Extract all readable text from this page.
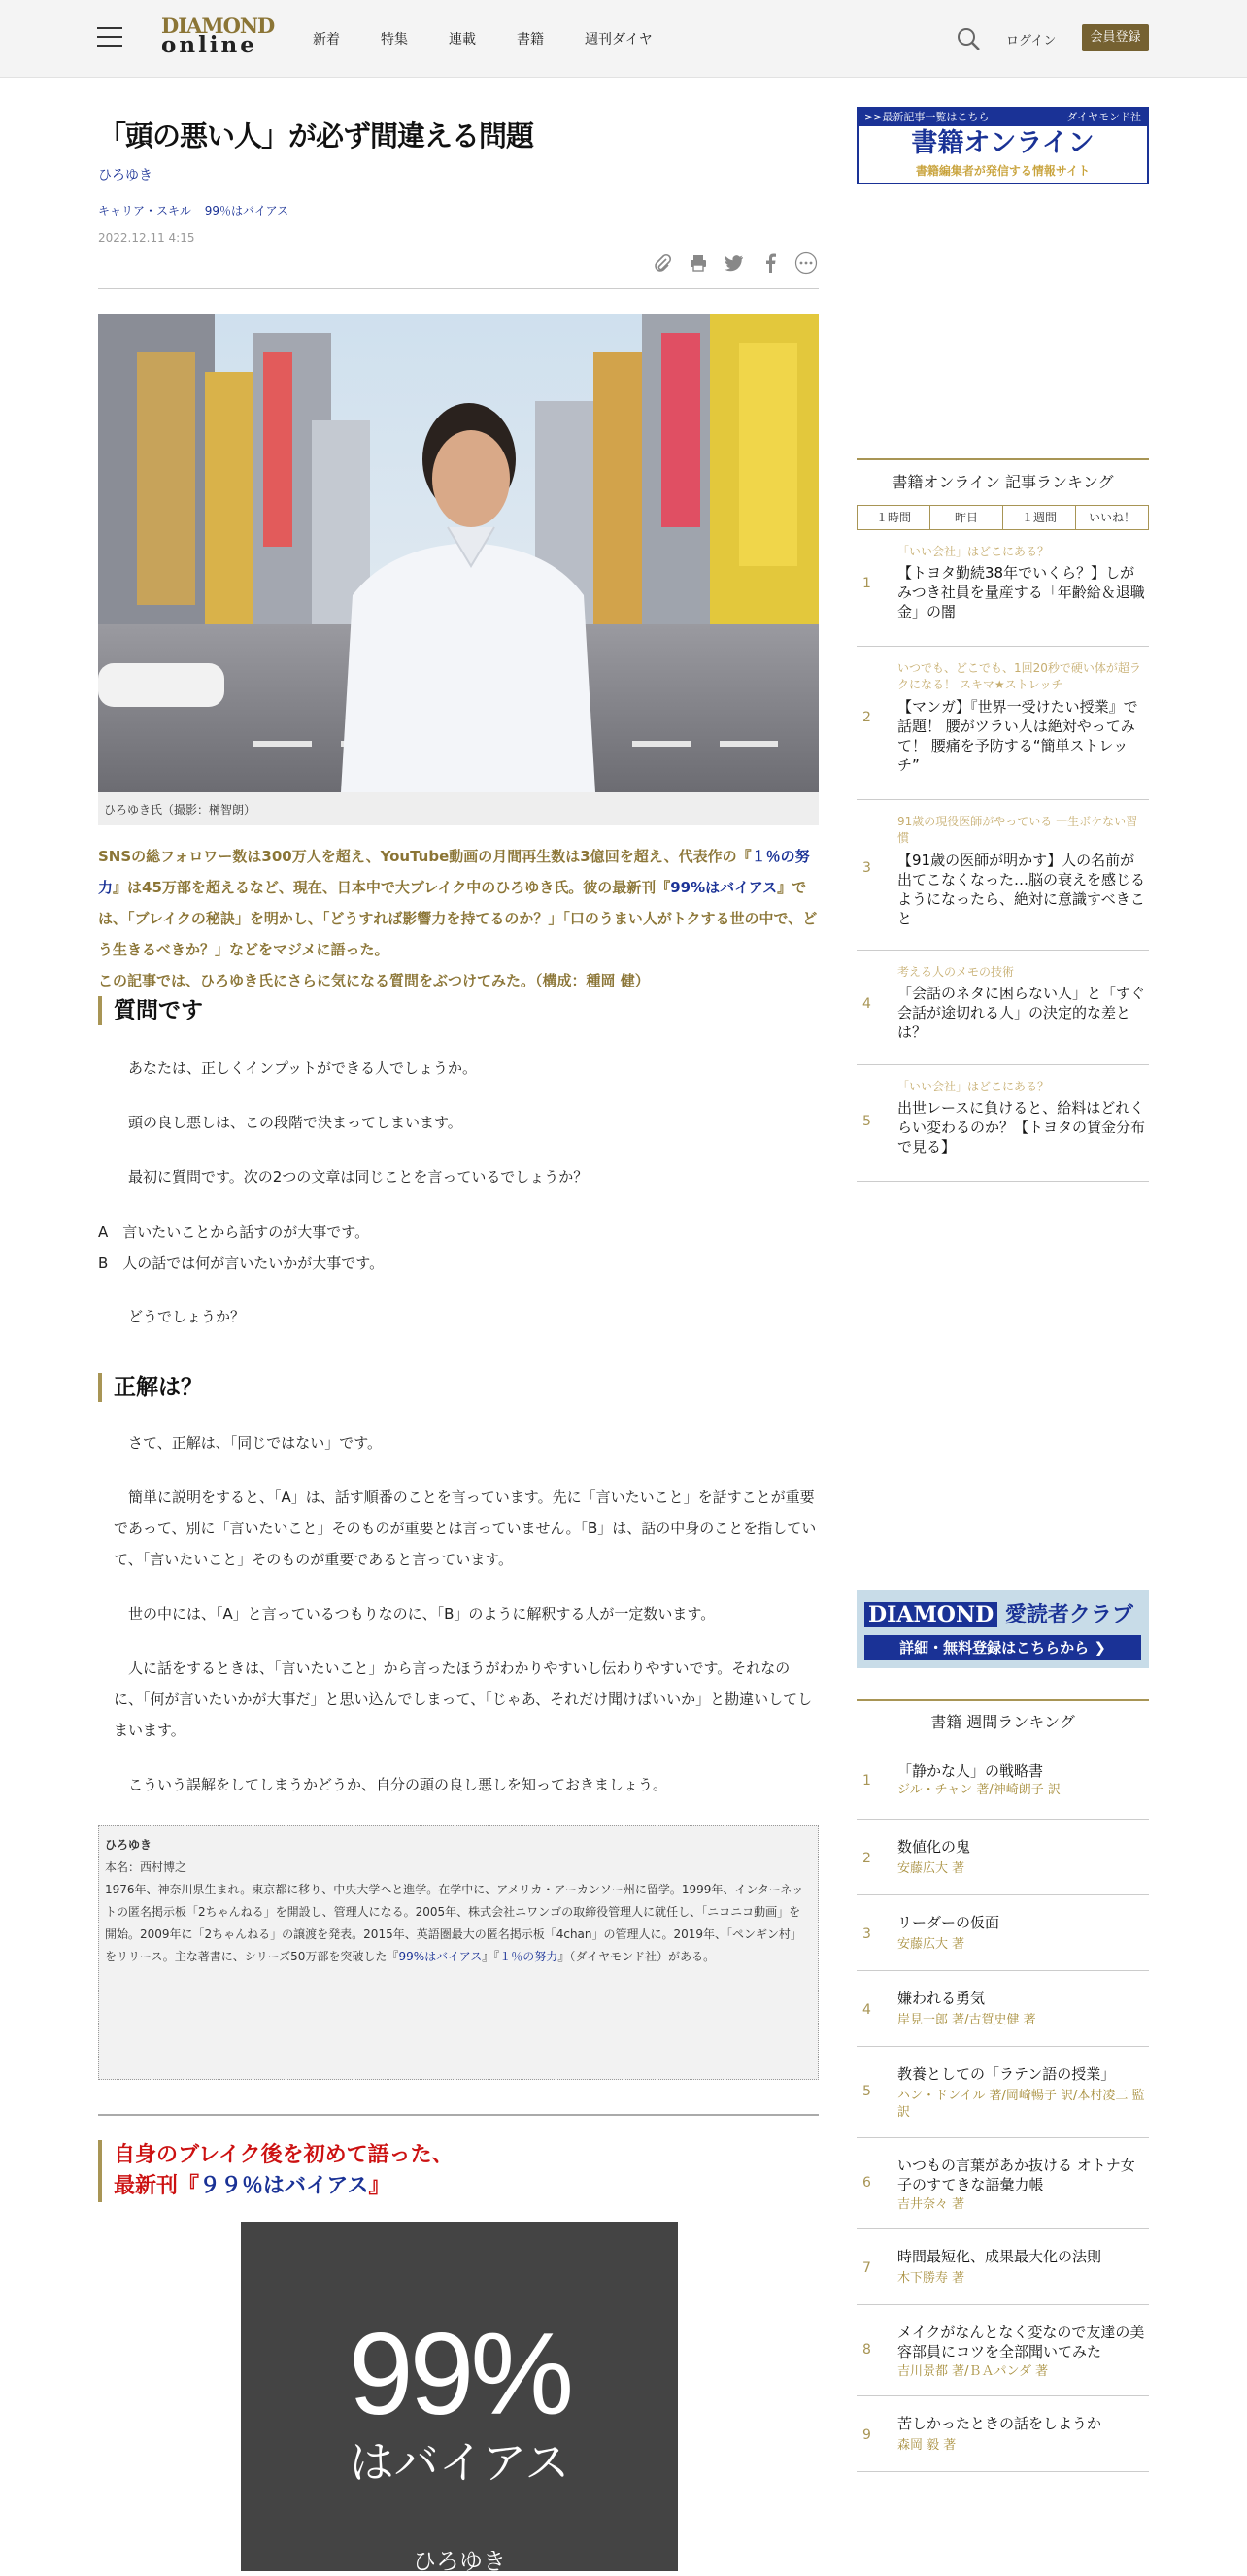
DIAMOND
online	新着	特集	連載	書籍	週刊ダイヤ	ログイン	会員登録
「頭の悪い人」が必ず間違える問題
ひろゆき
キャリア・スキル 99％はバイアス
2022.12.11 4:15
ひろゆき氏（撮影：榊智朗）
SNSの総フォロワー数は300万人を超え、YouTube動画の月間再生数は3億回を超え、代表作の『１％の努力』は45万部を超えるなど、現在、日本中で大ブレイク中のひろゆき氏。彼の最新刊『99%はバイアス』では、「ブレイクの秘訣」を明かし、「どうすれば影響力を持てるのか？」「口のうまい人がトクする世の中で、どう生きるべきか？」などをマジメに語った。
この記事では、ひろゆき氏にさらに気になる質問をぶつけてみた。（構成：種岡 健）
質問です
あなたは、正しくインプットができる人でしょうか。
頭の良し悪しは、この段階で決まってしまいます。
最初に質問です。次の2つの文章は同じことを言っているでしょうか？
A　言いたいことから話すのが大事です。
B　人の話では何が言いたいかが大事です。
どうでしょうか？
正解は？
さて、正解は、「同じではない」です。
簡単に説明をすると、「A」は、話す順番のことを言っています。先に「言いたいこと」を話すことが重要であって、別に「言いたいこと」そのものが重要とは言っていません。「B」は、話の中身のことを指していて、「言いたいこと」そのものが重要であると言っています。
世の中には、「A」と言っているつもりなのに、「B」のように解釈する人が一定数います。
人に話をするときは、「言いたいこと」から言ったほうがわかりやすいし伝わりやすいです。それなのに、「何が言いたいかが大事だ」と思い込んでしまって、「じゃあ、それだけ聞けばいいか」と勘違いしてしまいます。
こういう誤解をしてしまうかどうか、自分の頭の良し悪しを知っておきましょう。
ひろゆき
本名：西村博之
1976年、神奈川県生まれ。東京都に移り、中央大学へと進学。在学中に、アメリカ・アーカンソー州に留学。1999年、インターネットの匿名掲示板「2ちゃんねる」を開設し、管理人になる。2005年、株式会社ニワンゴの取締役管理人に就任し、「ニコニコ動画」を開始。2009年に「2ちゃんねる」の譲渡を発表。2015年、英語圏最大の匿名掲示板「4chan」の管理人に。2019年、「ペンギン村」をリリース。主な著書に、シリーズ50万部を突破した『99%はバイアス』『１％の努力』（ダイヤモンド社）がある。
自身のブレイク後を初めて語った、
最新刊『９９％はバイアス』
99%
はバイアス
ひろゆき
>>最新記事一覧はこちら	ダイヤモンド社
書籍オンライン
書籍編集者が発信する情報サイト
書籍オンライン 記事ランキング
１時間	昨日	１週間	いいね！
1
「いい会社」はどこにある？
【トヨタ勤続38年でいくら？】しがみつき社員を量産する「年齢給＆退職金」の闇
2
いつでも、どこでも、1回20秒で硬い体が超ラクになる！ スキマ★ストレッチ
【マンガ】『世界一受けたい授業』で話題！ 腰がツラい人は絶対やってみて！ 腰痛を予防する“簡単ストレッチ”
3
91歳の現役医師がやっている 一生ボケない習慣
【91歳の医師が明かす】人の名前が出てこなくなった…脳の衰えを感じるようになったら、絶対に意識すべきこと
4
考える人のメモの技術
「会話のネタに困らない人」と「すぐ会話が途切れる人」の決定的な差とは？
5
「いい会社」はどこにある？
出世レースに負けると、給料はどれくらい変わるのか？【トヨタの賃金分布で見る】
DIAMOND 愛読者クラブ
詳細・無料登録はこちらから ❯
書籍 週間ランキング
1
「静かな人」の戦略書
ジル・チャン 著/神崎朗子 訳
2
数値化の鬼
安藤広大 著
3
リーダーの仮面
安藤広大 著
4
嫌われる勇気
岸見一郎 著/古賀史健 著
5
教養としての「ラテン語の授業」
ハン・ドンイル 著/岡崎暢子 訳/本村凌二 監訳
6
いつもの言葉があか抜ける オトナ女子のすてきな語彙力帳
吉井奈々 著
7
時間最短化、成果最大化の法則
木下勝寿 著
8
メイクがなんとなく変なので友達の美容部員にコツを全部聞いてみた
吉川景都 著/ＢＡパンダ 著
9
苦しかったときの話をしようか
森岡 毅 著
